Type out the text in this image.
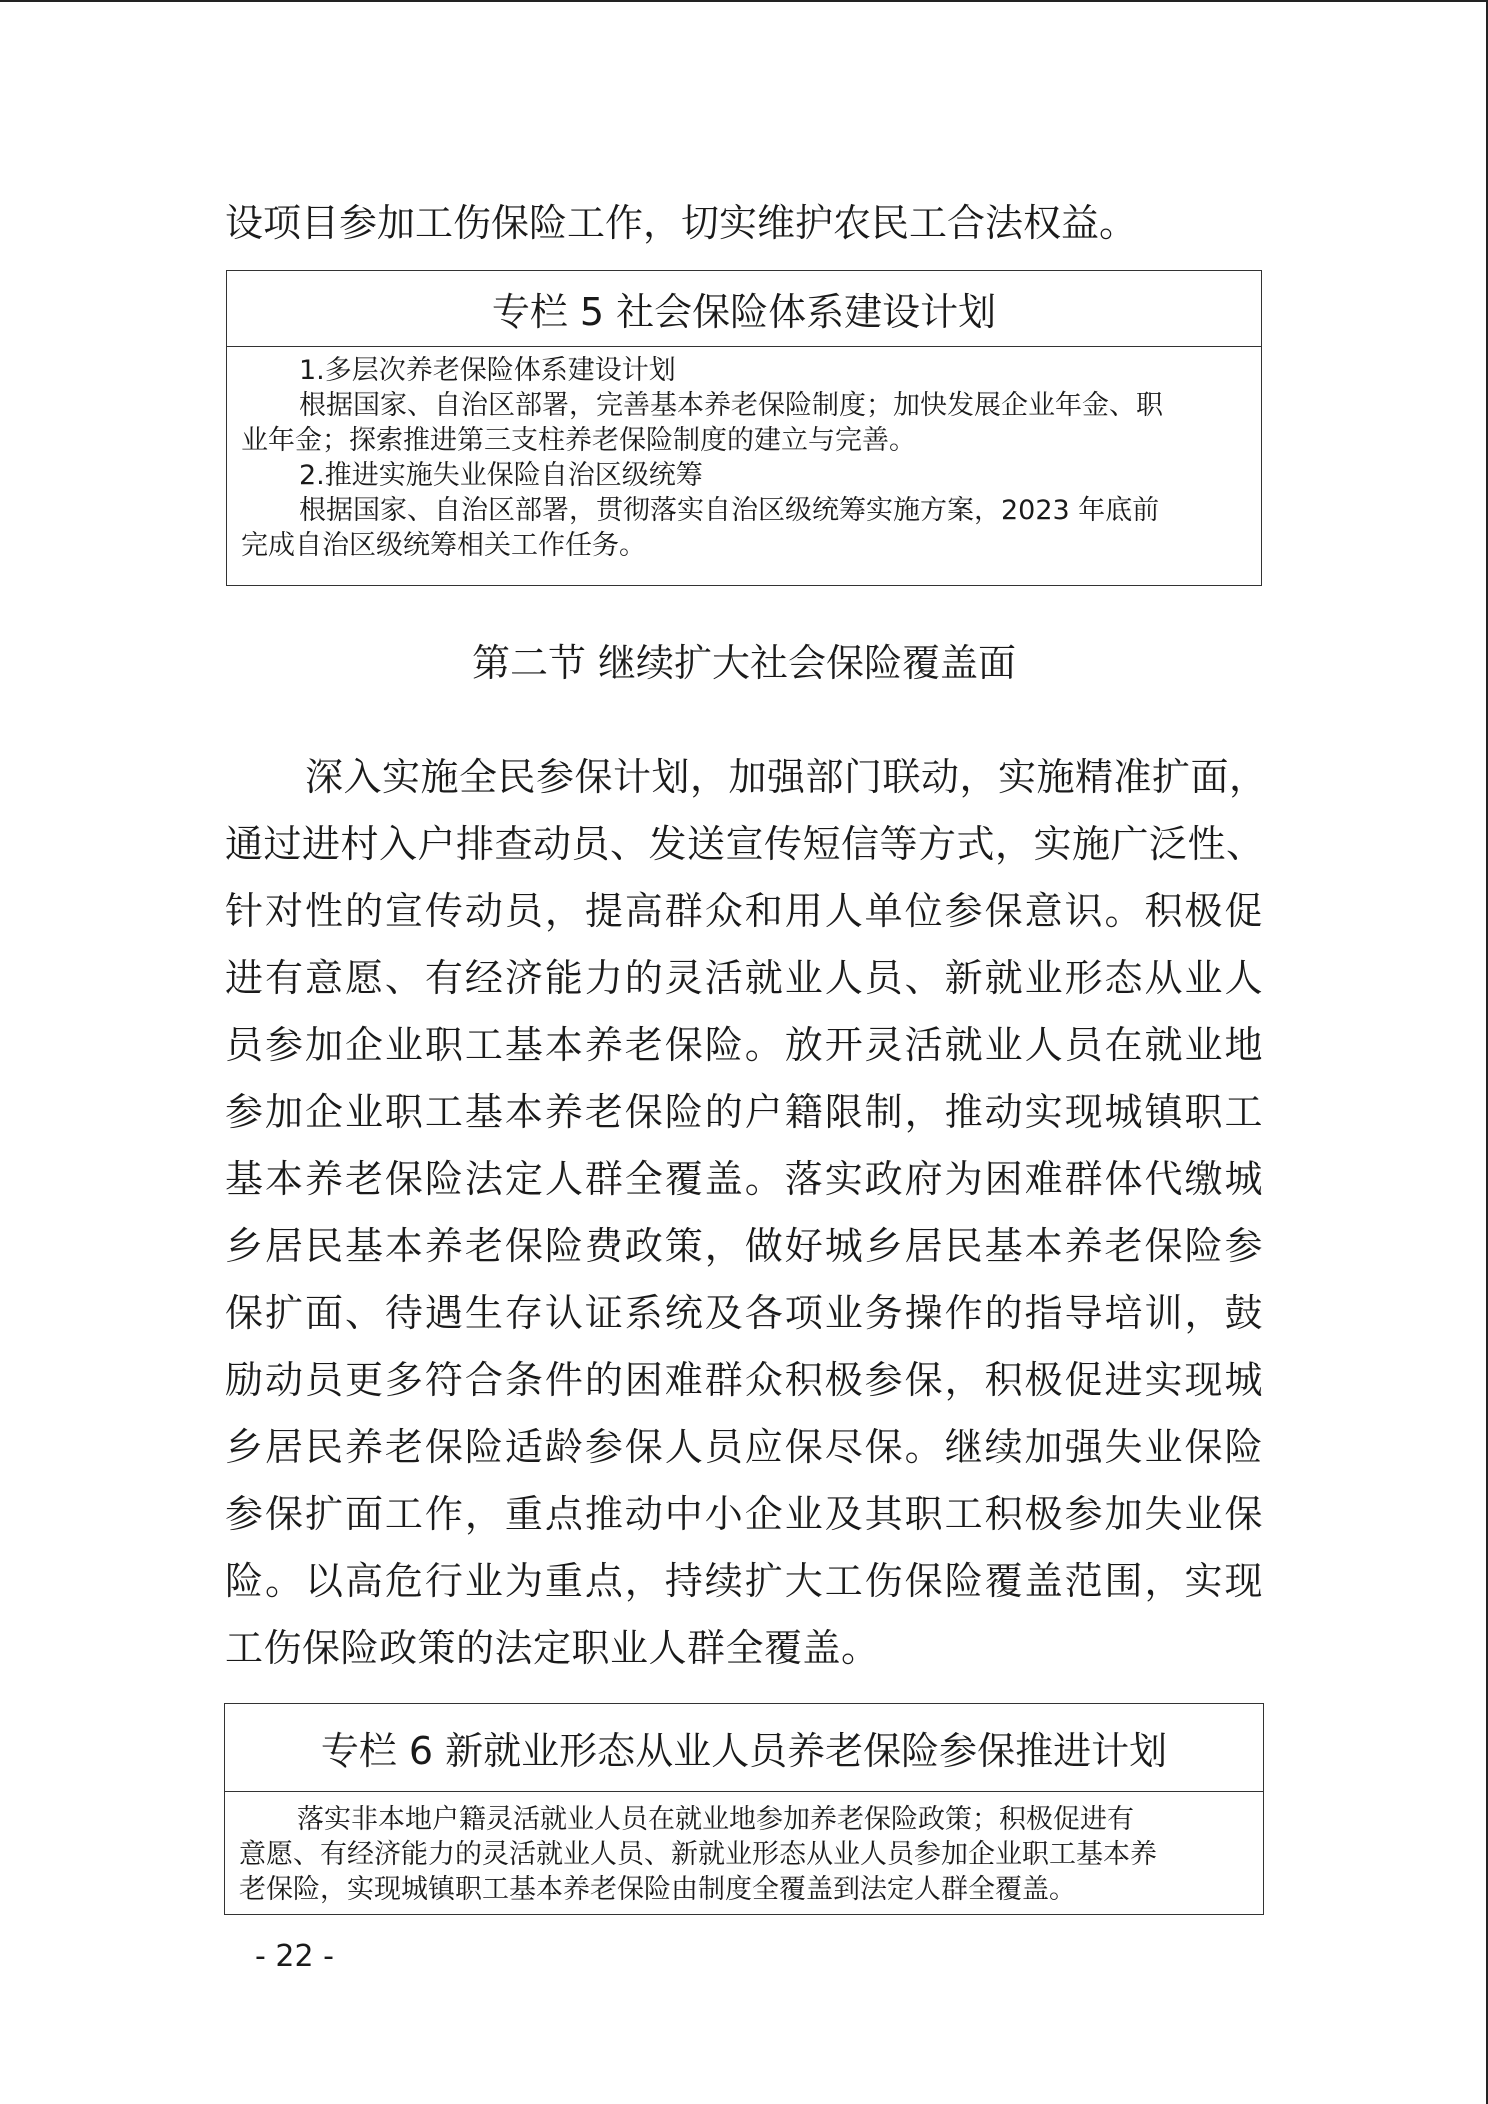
设项目参加工伤保险工作，切实维护农民工合法权益。

专栏 5 社会保险体系建设计划

1.多层次养老保险体系建设计划

根据国家、自治区部署，完善基本养老保险制度；加快发展企业年金、职

业年金；探索推进第三支柱养老保险制度的建立与完善。

2.推进实施失业保险自治区级统筹

根据国家、自治区部署，贯彻落实自治区级统筹实施方案，2023 年底前

完成自治区级统筹相关工作任务。

第二节 继续扩大社会保险覆盖面

深入实施全民参保计划，加强部门联动，实施精准扩面，

通过进村入户排查动员、发送宣传短信等方式，实施广泛性、

针对性的宣传动员，提高群众和用人单位参保意识。积极促

进有意愿、有经济能力的灵活就业人员、新就业形态从业人

员参加企业职工基本养老保险。放开灵活就业人员在就业地

参加企业职工基本养老保险的户籍限制，推动实现城镇职工

基本养老保险法定人群全覆盖。落实政府为困难群体代缴城

乡居民基本养老保险费政策，做好城乡居民基本养老保险参

保扩面、待遇生存认证系统及各项业务操作的指导培训，鼓

励动员更多符合条件的困难群众积极参保，积极促进实现城

乡居民养老保险适龄参保人员应保尽保。继续加强失业保险

参保扩面工作，重点推动中小企业及其职工积极参加失业保

险。以高危行业为重点，持续扩大工伤保险覆盖范围，实现

工伤保险政策的法定职业人群全覆盖。

专栏 6 新就业形态从业人员养老保险参保推进计划

落实非本地户籍灵活就业人员在就业地参加养老保险政策；积极促进有

意愿、有经济能力的灵活就业人员、新就业形态从业人员参加企业职工基本养

老保险，实现城镇职工基本养老保险由制度全覆盖到法定人群全覆盖。

- 22 -
